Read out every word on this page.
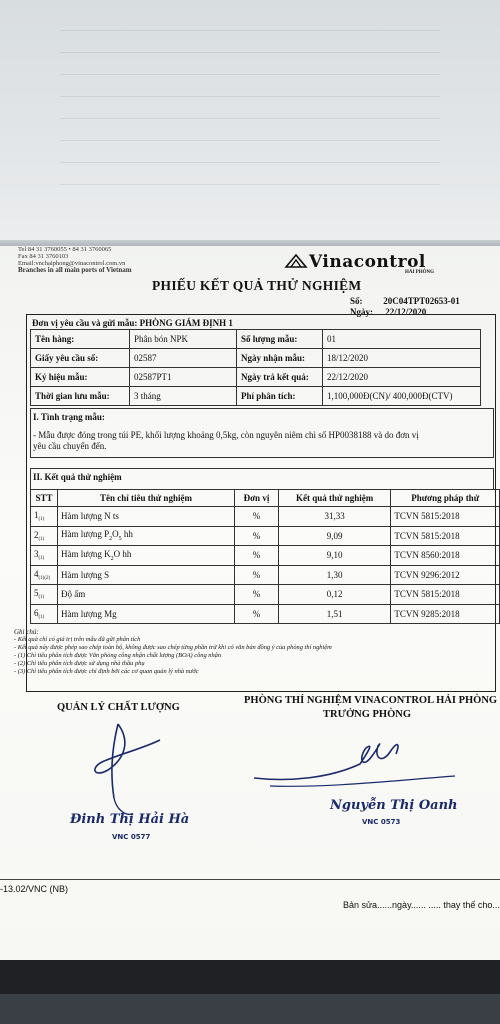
Tel 84 31 3760055 • 84 31 3760065
Fax 84 31 3760103
Email:vnchaiphong@vinacontrol.com.vn
Branches in all main ports of Vietnam	Vinacontrol
HẢI PHÒNG
PHIẾU KẾT QUẢ THỬ NGHIỆM
Số: 20C04TPT02653-01
Ngày: 22/12/2020
Đơn vị yêu cầu và gửi mẫu: PHÒNG GIÁM ĐỊNH 1
Tên hàng:	Phân bón NPK	Số lượng mẫu:	01
Giấy yêu cầu số:	02587	Ngày nhận mẫu:	18/12/2020
Ký hiệu mẫu:	02587PT1	Ngày trả kết quả:	22/12/2020
Thời gian lưu mẫu:	3 tháng	Phí phân tích:	1,100,000Đ(CN)/ 400,000Đ(CTV)
I. Tình trạng mẫu:
- Mẫu được đóng trong túi PE, khối lượng khoảng 0,5kg, còn nguyên niêm chì số HP0038188 và do đơn vị
yêu cầu chuyển đến.
II. Kết quả thử nghiệm
STT	Tên chỉ tiêu thử nghiệm	Đơn vị	Kết quả thử nghiệm	Phương pháp thử
$1_{(1)}$	Hàm lượng N ts	%	31,33	TCVN 5815:2018
$2_{(1)}$	Hàm lượng $P_2O_5$ hh	%	9,09	TCVN 5815:2018
$3_{(1)}$	Hàm lượng $K_2O$ hh	%	9,10	TCVN 8560:2018
$4_{(1)(2)}$	Hàm lượng S	%	1,30	TCVN 9296:2012
$5_{(1)}$	Độ ẩm	%	0,12	TCVN 5815:2018
$6_{(1)}$	Hàm lượng Mg	%	1,51	TCVN 9285:2018
Ghi chú:
- Kết quả chỉ có giá trị trên mẫu đã gửi phân tích
- Kết quả này được phép sao chép toàn bộ, không được sao chép từng phần trừ khi có văn bản đồng ý của phòng thí nghiệm
- (1) Chỉ tiêu phân tích được Văn phòng công nhận chất lượng (BOA) công nhận
- (2) Chỉ tiêu phân tích được sử dụng nhà thầu phụ
- (3) Chỉ tiêu phân tích được chỉ định bởi các cơ quan quản lý nhà nước
QUẢN LÝ CHẤT LƯỢNG
PHÒNG THÍ NGHIỆM VINACONTROL HẢI PHÒNG
TRƯỞNG PHÒNG
Đinh Thị Hải Hà
VNC 0577
Nguyễn Thị Oanh
VNC 0573
-13.02/VNC (NB)
Bản sửa......ngày...... ..... thay thế cho...
